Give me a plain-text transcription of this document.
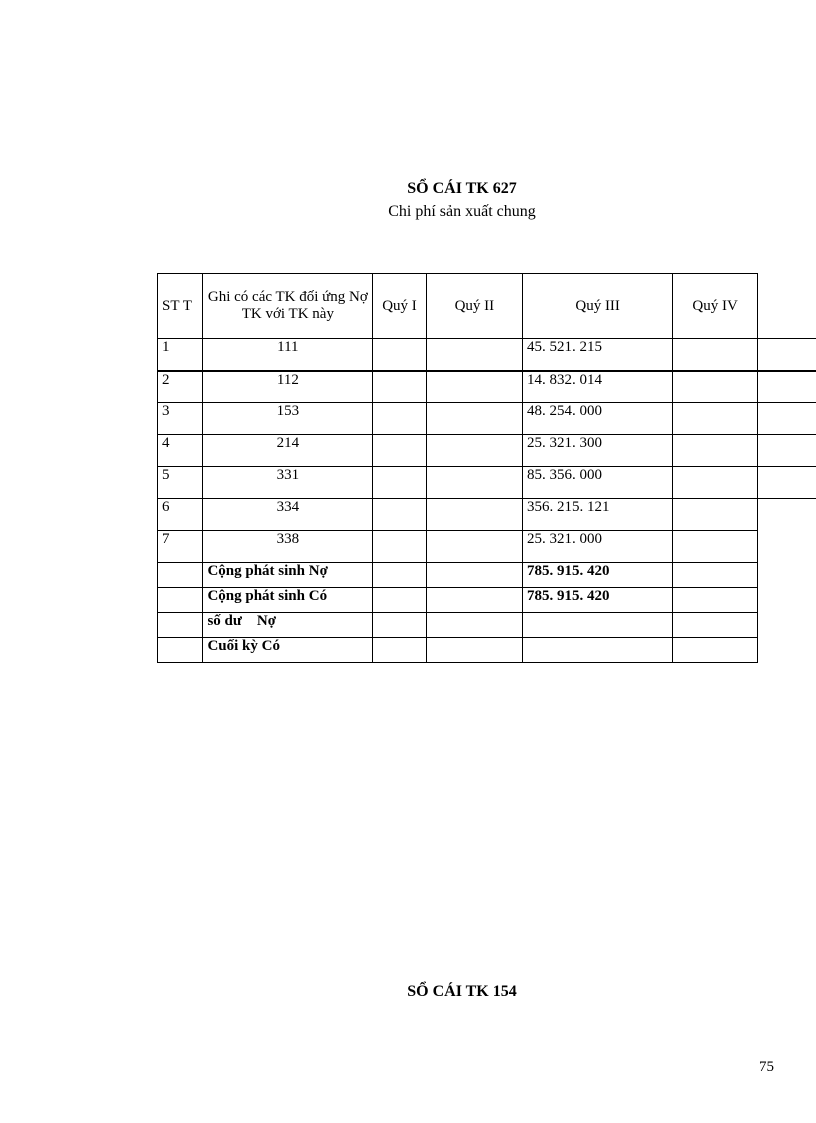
SỔ CÁI TK 627
Chi phí sản xuất chung
ST T	Ghi có các TK đối ứng Nợ TK với TK này	Quý I	Quý II	Quý III	Quý IV	
1	111			45. 521. 215		
2	112			14. 832. 014		
3	153			48. 254. 000		
4	214			25. 321. 300		
5	331			85. 356. 000		
6	334			356. 215. 121		
7	338			25. 321. 000		
	Cộng phát sinh Nợ			785. 915. 420		
	Cộng phát sinh Có			785. 915. 420		
	số dư    Nợ					
	Cuối kỳ Có					
SỔ CÁI TK 154
75
